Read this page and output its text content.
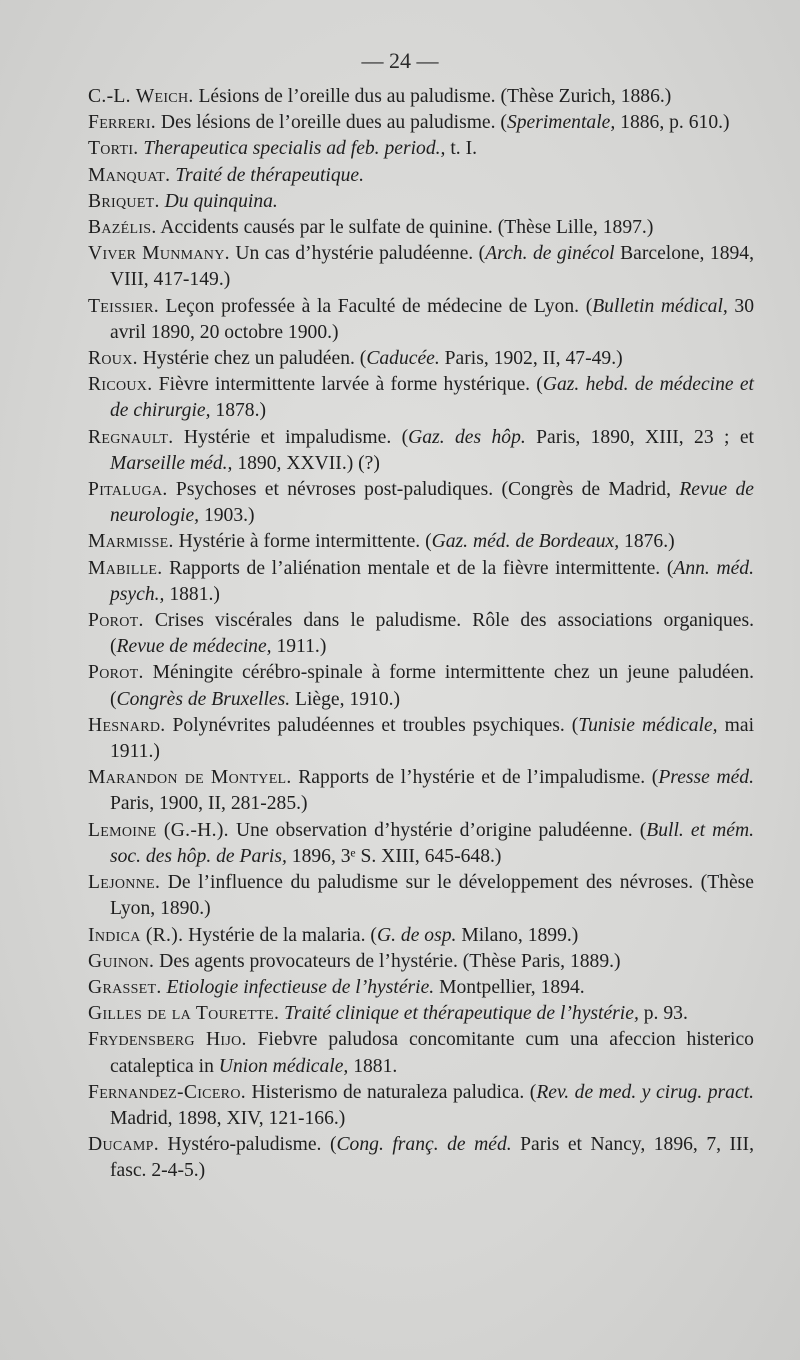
— 24 —
C.-L. Weich. Lésions de l’oreille dus au paludisme. (Thèse Zurich, 1886.)
Ferreri. Des lésions de l’oreille dues au paludisme. (Sperimentale, 1886, p. 610.)
Torti. Therapeutica specialis ad feb. period., t. I.
Manquat. Traité de thérapeutique.
Briquet. Du quinquina.
Bazélis. Accidents causés par le sulfate de quinine. (Thèse Lille, 1897.)
Viver Munmany. Un cas d’hystérie paludéenne. (Arch. de ginécol Barcelone, 1894, VIII, 417-149.)
Teissier. Leçon professée à la Faculté de médecine de Lyon. (Bulletin médical, 30 avril 1890, 20 octobre 1900.)
Roux. Hystérie chez un paludéen. (Caducée. Paris, 1902, II, 47-49.)
Ricoux. Fièvre intermittente larvée à forme hystérique. (Gaz. hebd. de médecine et de chirurgie, 1878.)
Regnault. Hystérie et impaludisme. (Gaz. des hôp. Paris, 1890, XIII, 23 ; et Marseille méd., 1890, XXVII.) (?)
Pitaluga. Psychoses et névroses post-paludiques. (Congrès de Madrid, Revue de neurologie, 1903.)
Marmisse. Hystérie à forme intermittente. (Gaz. méd. de Bordeaux, 1876.)
Mabille. Rapports de l’aliénation mentale et de la fièvre intermittente. (Ann. méd. psych., 1881.)
Porot. Crises viscérales dans le paludisme. Rôle des associations organiques. (Revue de médecine, 1911.)
Porot. Méningite cérébro-spinale à forme intermittente chez un jeune paludéen. (Congrès de Bruxelles. Liège, 1910.)
Hesnard. Polynévrites paludéennes et troubles psychiques. (Tunisie médicale, mai 1911.)
Marandon de Montyel. Rapports de l’hystérie et de l’impaludisme. (Presse méd. Paris, 1900, II, 281-285.)
Lemoine (G.-H.). Une observation d’hystérie d’origine paludéenne. (Bull. et mém. soc. des hôp. de Paris, 1896, 3ᵉ S. XIII, 645-648.)
Lejonne. De l’influence du paludisme sur le développement des névroses. (Thèse Lyon, 1890.)
Indica (R.). Hystérie de la malaria. (G. de osp. Milano, 1899.)
Guinon. Des agents provocateurs de l’hystérie. (Thèse Paris, 1889.)
Grasset. Etiologie infectieuse de l’hystérie. Montpellier, 1894.
Gilles de la Tourette. Traité clinique et thérapeutique de l’hystérie, p. 93.
Frydensberg Hijo. Fiebvre paludosa concomitante cum una afeccion histerico cataleptica in Union médicale, 1881.
Fernandez-Cicero. Histerismo de naturaleza paludica. (Rev. de med. y cirug. pract. Madrid, 1898, XIV, 121-166.)
Ducamp. Hystéro-paludisme. (Cong. franç. de méd. Paris et Nancy, 1896, 7, III, fasc. 2-4-5.)
